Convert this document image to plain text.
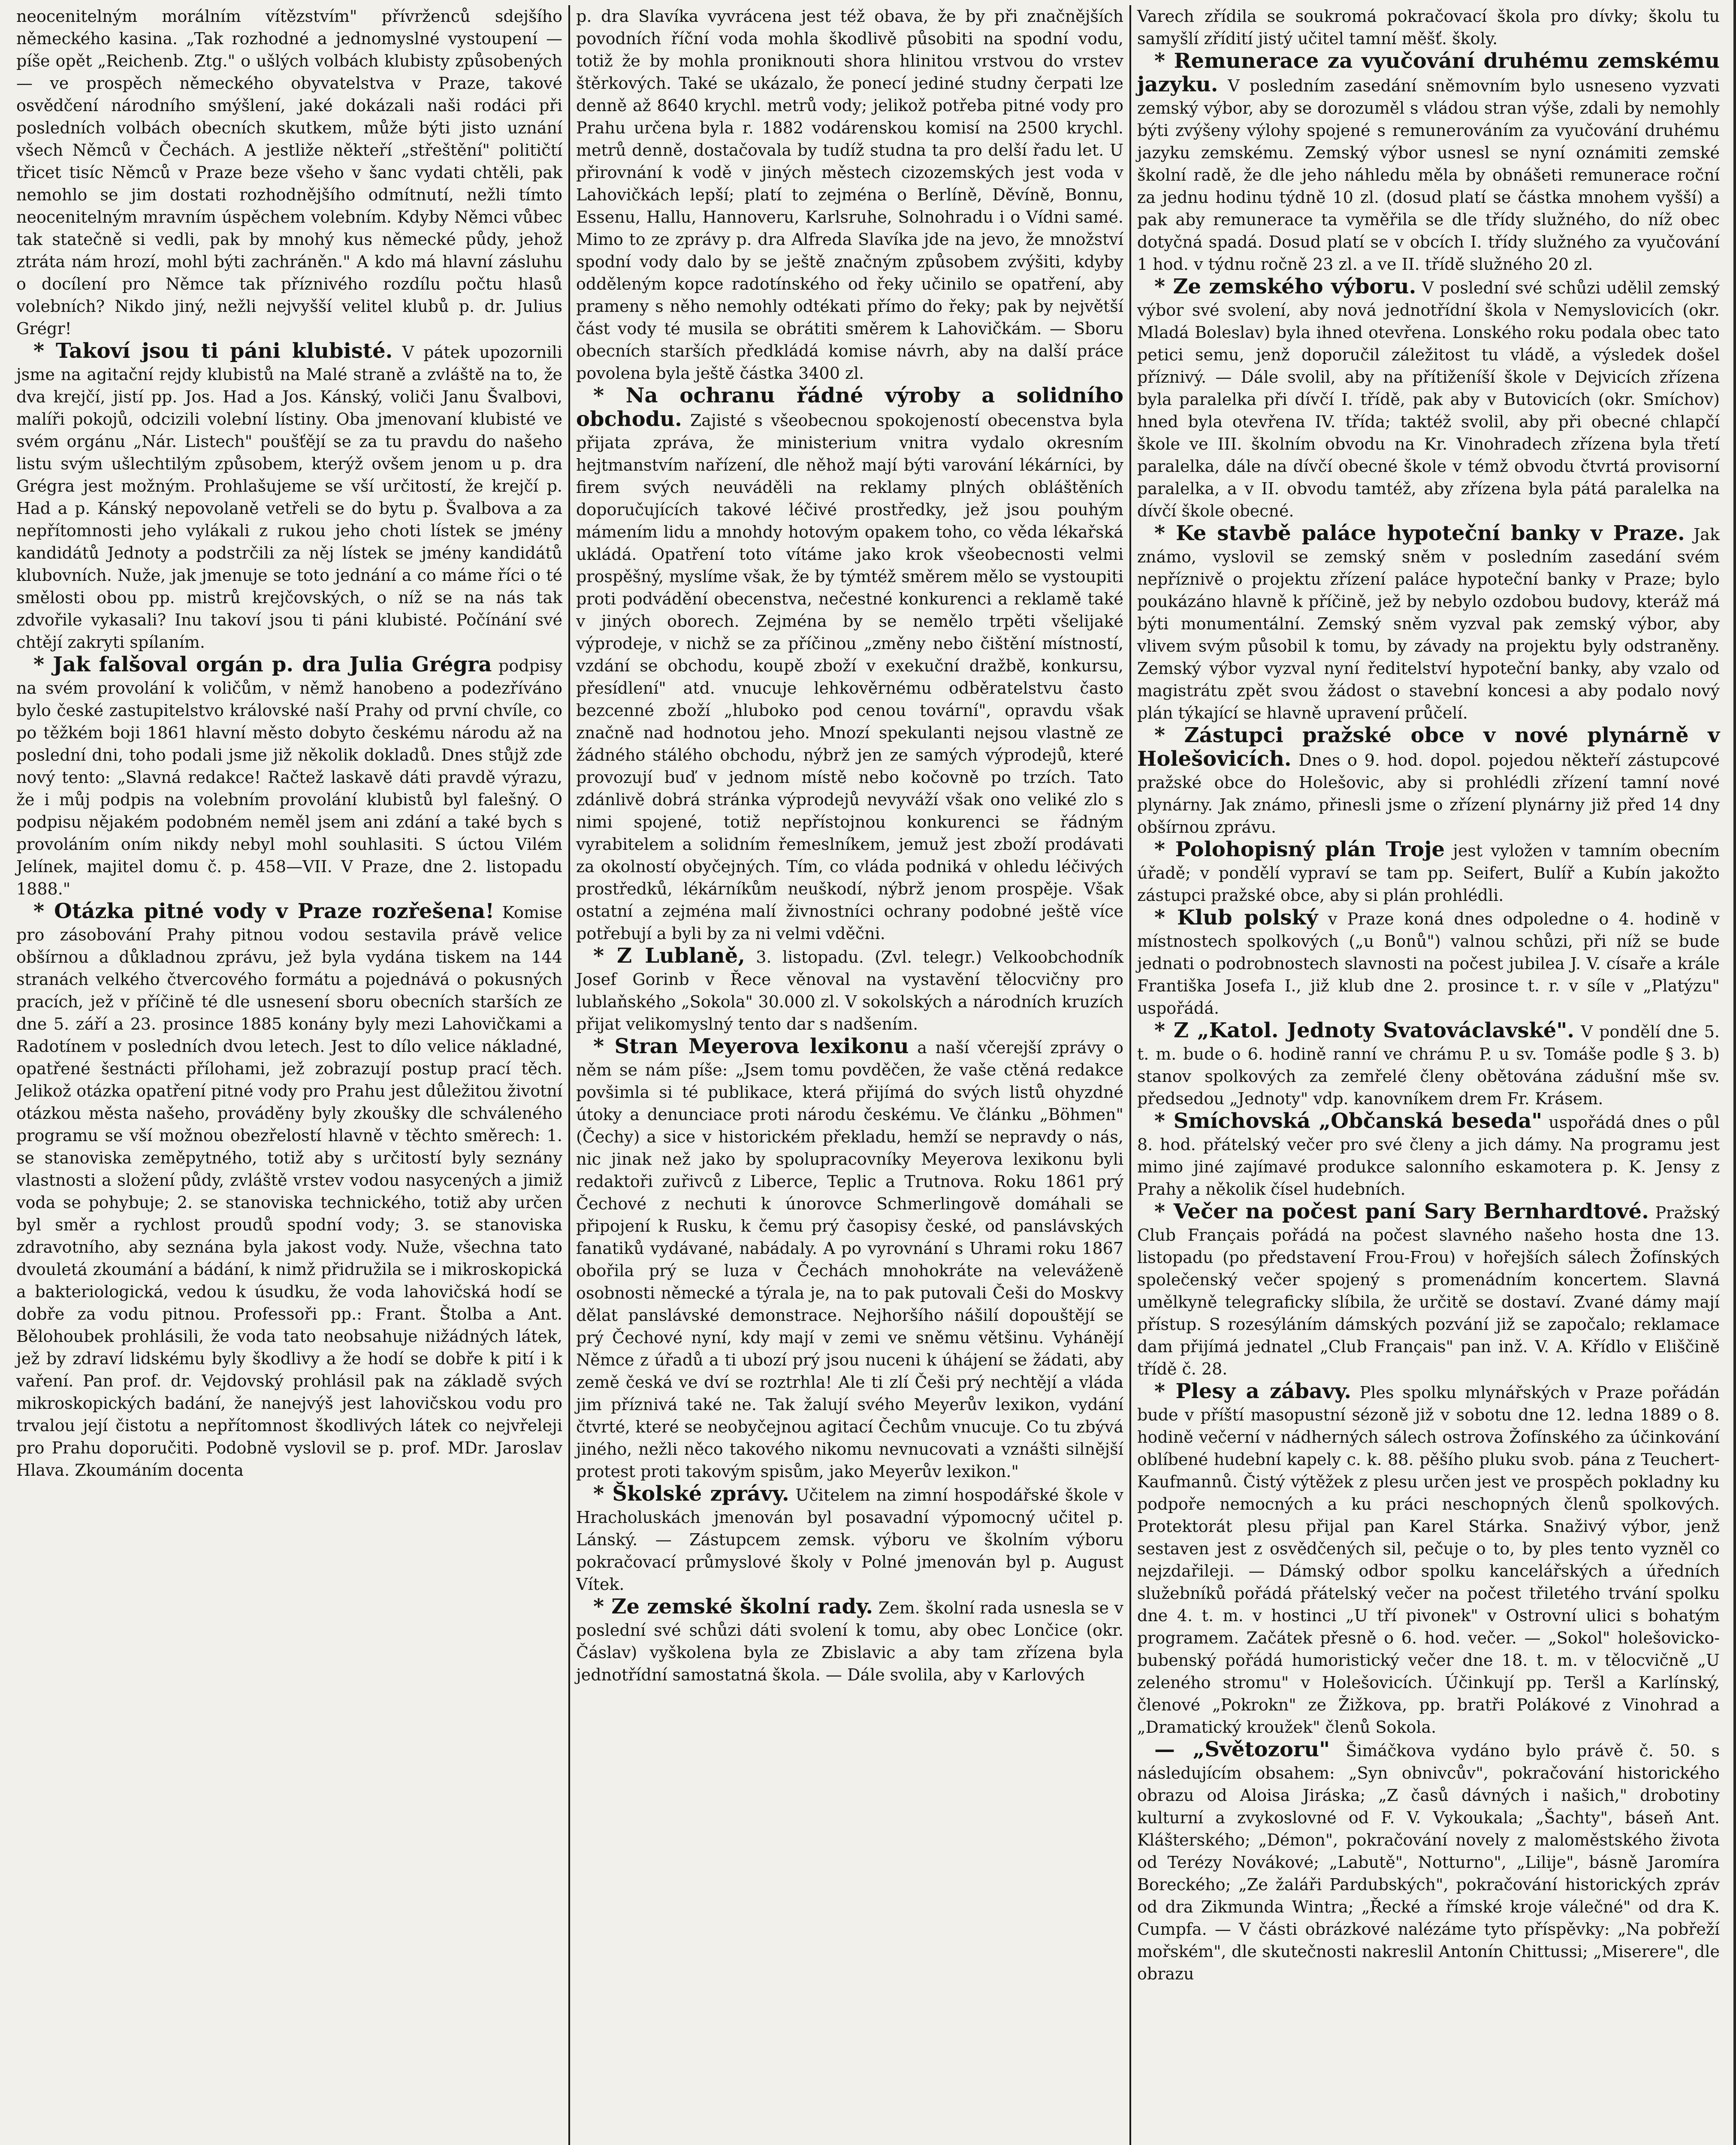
neocenitelným morálním vítězstvím" přívrženců sdejšího německého kasina. „Tak rozhodné a jednomyslné vystoupení — píše opět „Reichenb. Ztg." o ušlých volbách klubisty způsobených — ve prospěch německého obyvatelstva v Praze, takové osvědčení národního smýšlení, jaké dokázali naši rodáci při posledních volbách obecních skutkem, může býti jisto uznání všech Němců v Čechách. A jestliže někteří „střeštění" političtí třicet tisíc Němců v Praze beze všeho v šanc vydati chtěli, pak nemohlo se jim dostati rozhodnějšího odmítnutí, nežli tímto neocenitelným mravním úspěchem volebním. Kdyby Němci vůbec tak statečně si vedli, pak by mnohý kus německé půdy, jehož ztráta nám hrozí, mohl býti zachráněn." A kdo má hlavní zásluhu o docílení pro Němce tak příznivého rozdílu počtu hlasů volebních? Nikdo jiný, nežli nejvyšší velitel klubů p. dr. Julius Grégr!

* Takoví jsou ti páni klubisté. V pátek upozornili jsme na agitační rejdy klubistů na Malé straně a zvláště na to, že dva krejčí, jistí pp. Jos. Had a Jos. Kánský, voliči Janu Švalbovi, malíři pokojů, odcizili volební lístiny. Oba jmenovaní klubisté ve svém orgánu „Nár. Listech" poušťějí se za tu pravdu do našeho listu svým ušlechtilým způsobem, kterýž ovšem jenom u p. dra Grégra jest možným. Prohlašujeme se vší určitostí, že krejčí p. Had a p. Kánský nepovolaně vetřeli se do bytu p. Švalbova a za nepřítomnosti jeho vylákali z rukou jeho choti lístek se jmény kandidátů Jednoty a podstrčili za něj lístek se jmény kandidátů klubovních. Nuže, jak jmenuje se toto jednání a co máme říci o té smělosti obou pp. mistrů krejčovských, o níž se na nás tak zdvořile vykasali? Inu takoví jsou ti páni klubisté. Počínání své chtějí zakryti spílaním.

* Jak falšoval orgán p. dra Julia Grégra podpisy na svém provolání k voličům, v němž hanobeno a podezříváno bylo české zastupitelstvo královské naší Prahy od první chvíle, co po těžkém boji 1861 hlavní město dobyto českému národu až na poslední dni, toho podali jsme již několik dokladů. Dnes stůjž zde nový tento: „Slavná redakce! Račtež laskavě dáti pravdě výrazu, že i můj podpis na volebním provolání klubistů byl falešný. O podpisu nějakém podobném neměl jsem ani zdání a také bych s provoláním oním nikdy nebyl mohl souhlasiti. S úctou Vilém Jelínek, majitel domu č. p. 458—VII. V Praze, dne 2. listopadu 1888."

* Otázka pitné vody v Praze rozřešena! Komise pro zásobování Prahy pitnou vodou sestavila právě velice obšírnou a důkladnou zprávu, jež byla vydána tiskem na 144 stranách velkého čtvercového formátu a pojednává o pokusných pracích, jež v příčině té dle usnesení sboru obecních starších ze dne 5. září a 23. prosince 1885 konány byly mezi Lahovičkami a Radotínem v posledních dvou letech. Jest to dílo velice nákladné, opatřené šestnácti přílohami, jež zobrazují postup prací těch. Jelikož otázka opatření pitné vody pro Prahu jest důležitou životní otázkou města našeho, prováděny byly zkoušky dle schváleného programu se vší možnou obezřelostí hlavně v těchto směrech: 1. se stanoviska zeměpytného, totiž aby s určitostí byly seznány vlastnosti a složení půdy, zvláště vrstev vodou nasycených a jimiž voda se pohybuje; 2. se stanoviska technického, totiž aby určen byl směr a rychlost proudů spodní vody; 3. se stanoviska zdravotního, aby seznána byla jakost vody. Nuže, všechna tato dvouletá zkoumání a bádání, k nimž přidružila se i mikroskopická a bakteriologická, vedou k úsudku, že voda lahovičská hodí se dobře za vodu pitnou. Professoři pp.: Frant. Štolba a Ant. Bělohoubek prohlásili, že voda tato neobsahuje nižádných látek, jež by zdraví lidskému byly škodlivy a že hodí se dobře k pití i k vaření. Pan prof. dr. Vejdovský prohlásil pak na základě svých mikroskopických badání, že nanejvýš jest lahovičskou vodu pro trvalou její čistotu a nepřítomnost škodlivých látek co nejvřeleji pro Prahu doporučiti. Podobně vyslovil se p. prof. MDr. Jaroslav Hlava. Zkoumáním docenta

p. dra Slavíka vyvrácena jest též obava, že by při značnějších povodních říční voda mohla škodlivě působiti na spodní vodu, totiž že by mohla proniknouti shora hlinitou vrstvou do vrstev štěrkových. Také se ukázalo, že ponecí jediné studny čerpati lze denně až 8640 krychl. metrů vody; jelikož potřeba pitné vody pro Prahu určena byla r. 1882 vodárenskou komisí na 2500 krychl. metrů denně, dostačovala by tudíž studna ta pro delší řadu let. U přirovnání k vodě v jiných městech cizozemských jest voda v Lahovičkách lepší; platí to zejména o Berlíně, Děvíně, Bonnu, Essenu, Hallu, Hannoveru, Karlsruhe, Solnohradu i o Vídni samé. Mimo to ze zprávy p. dra Alfreda Slavíka jde na jevo, že množství spodní vody dalo by se ještě značným způsobem zvýšiti, kdyby odděleným kopce radotínského od řeky učinilo se opatření, aby prameny s něho nemohly odtékati přímo do řeky; pak by největší část vody té musila se obrátiti směrem k Lahovičkám. — Sboru obecních starších předkládá komise návrh, aby na další práce povolena byla ještě částka 3400 zl.

* Na ochranu řádné výroby a solidního obchodu. Zajisté s všeobecnou spokojeností obecenstva byla přijata zpráva, že ministerium vnitra vydalo okresním hejtmanstvím nařízení, dle něhož mají býti varování lékárníci, by firem svých neuváděli na reklamy plných obláštěních doporučujících takové léčivé prostředky, jež jsou pouhým mámením lidu a mnohdy hotovým opakem toho, co věda lékařská ukládá. Opatření toto vítáme jako krok všeobecnosti velmi prospěšný, myslíme však, že by týmtéž směrem mělo se vystoupiti proti podvádění obecenstva, nečestné konkurenci a reklamě také v jiných oborech. Zejména by se nemělo trpěti všelijaké výprodeje, v nichž se za příčinou „změny nebo čištění místností, vzdání se obchodu, koupě zboží v exekuční dražbě, konkursu, přesídlení" atd. vnucuje lehkověrnému odběratelstvu často bezcenné zboží „hluboko pod cenou tovární", opravdu však značně nad hodnotou jeho. Mnozí spekulanti nejsou vlastně ze žádného stálého obchodu, nýbrž jen ze samých výprodejů, které provozují buď v jednom místě nebo kočovně po trzích. Tato zdánlivě dobrá stránka výprodejů nevyváží však ono veliké zlo s nimi spojené, totiž nepřístojnou konkurenci se řádným vyrabitelem a solidním řemeslníkem, jemuž jest zboží prodávati za okolností obyčejných. Tím, co vláda podniká v ohledu léčivých prostředků, lékárníkům neuškodí, nýbrž jenom prospěje. Však ostatní a zejména malí živnostníci ochrany podobné ještě více potřebují a byli by za ni velmi vděčni.

* Z Lublaně, 3. listopadu. (Zvl. telegr.) Velkoobchodník Josef Gorinb v Řece věnoval na vystavění tělocvičny pro lublaňského „Sokola" 30.000 zl. V sokolských a národních kruzích přijat velikomyslný tento dar s nadšením.

* Stran Meyerova lexikonu a naší včerejší zprávy o něm se nám píše: „Jsem tomu povděčen, že vaše ctěná redakce povšimla si té publikace, která přijímá do svých listů ohyzdné útoky a denunciace proti národu českému. Ve článku „Böhmen" (Čechy) a sice v historickém překladu, hemží se nepravdy o nás, nic jinak než jako by spolupracovníky Meyerova lexikonu byli redaktoři zuřivců z Liberce, Teplic a Trutnova. Roku 1861 prý Čechové z nechuti k únorovce Schmerlingově domáhali se připojení k Rusku, k čemu prý časopisy české, od panslávských fanatiků vydávané, nabádaly. A po vyrovnání s Uhrami roku 1867 obořila prý se luza v Čechách mnohokráte na veleváženě osobnosti německé a týrala je, na to pak putovali Češi do Moskvy dělat panslávské demonstrace. Nejhoršího nášilí dopouštějí se prý Čechové nyní, kdy mají v zemi ve sněmu většinu. Vyhánějí Němce z úřadů a ti ubozí prý jsou nuceni k úhájení se žádati, aby země česká ve dví se roztrhla! Ale ti zlí Češi prý nechtějí a vláda jim příznivá také ne. Tak žalují svého Meyerův lexikon, vydání čtvrté, které se neobyčejnou agitací Čechům vnucuje. Co tu zbývá jiného, nežli něco takového nikomu nevnucovati a vznášti silnější protest proti takovým spisům, jako Meyerův lexikon."

* Školské zprávy. Učitelem na zimní hospodářské škole v Hracholuskách jmenován byl posavadní výpomocný učitel p. Lánský. — Zástupcem zemsk. výboru ve školním výboru pokračovací průmyslové školy v Polné jmenován byl p. August Vítek.

* Ze zemské školní rady. Zem. školní rada usnesla se v poslední své schůzi dáti svolení k tomu, aby obec Lončice (okr. Čáslav) vyškolena byla ze Zbislavic a aby tam zřízena byla jednotřídní samostatná škola. — Dále svolila, aby v Karlových

Varech zřídila se soukromá pokračovací škola pro dívky; školu tu samyšlí zřídití jistý učitel tamní měšť. školy.

* Remunerace za vyučování druhému zemskému jazyku. V posledním zasedání sněmovním bylo usneseno vyzvati zemský výbor, aby se dorozuměl s vládou stran výše, zdali by nemohly býti zvýšeny výlohy spojené s remunerováním za vyučování druhému jazyku zemskému. Zemský výbor usnesl se nyní oznámiti zemské školní radě, že dle jeho náhledu měla by obnášeti remunerace roční za jednu hodinu týdně 10 zl. (dosud platí se částka mnohem vyšší) a pak aby remunerace ta vyměřila se dle třídy služného, do níž obec dotyčná spadá. Dosud platí se v obcích I. třídy služného za vyučování 1 hod. v týdnu ročně 23 zl. a ve II. třídě služného 20 zl.

* Ze zemského výboru. V poslední své schůzi udělil zemský výbor své svolení, aby nová jednotřídní škola v Nemyslovicích (okr. Mladá Boleslav) byla ihned otevřena. Lonského roku podala obec tato petici semu, jenž doporučil záležitost tu vládě, a výsledek došel příznivý. — Dále svolil, aby na přítiženíší škole v Dejvicích zřízena byla paralelka při dívčí I. třídě, pak aby v Butovicích (okr. Smíchov) hned byla otevřena IV. třída; taktéž svolil, aby při obecné chlapčí škole ve III. školním obvodu na Kr. Vinohradech zřízena byla třetí paralelka, dále na dívčí obecné škole v témž obvodu čtvrtá provisorní paralelka, a v II. obvodu tamtéž, aby zřízena byla pátá paralelka na dívčí škole obecné.

* Ke stavbě paláce hypoteční banky v Praze. Jak známo, vyslovil se zemský sněm v posledním zasedání svém nepříznivě o projektu zřízení paláce hypoteční banky v Praze; bylo poukázáno hlavně k příčině, jež by nebylo ozdobou budovy, kteráž má býti monumentální. Zemský sněm vyzval pak zemský výbor, aby vlivem svým působil k tomu, by závady na projektu byly odstraněny. Zemský výbor vyzval nyní ředitelství hypoteční banky, aby vzalo od magistrátu zpět svou žádost o stavební koncesi a aby podalo nový plán týkající se hlavně upravení průčelí.

* Zástupci pražské obce v nové plynárně v Holešovicích. Dnes o 9. hod. dopol. pojedou někteří zástupcové pražské obce do Holešovic, aby si prohlédli zřízení tamní nové plynárny. Jak známo, přinesli jsme o zřízení plynárny již před 14 dny obšírnou zprávu.

* Polohopisný plán Troje jest vyložen v tamním obecním úřadě; v pondělí vypraví se tam pp. Seifert, Bulíř a Kubín jakožto zástupci pražské obce, aby si plán prohlédli.

* Klub polský v Praze koná dnes odpoledne o 4. hodině v místnostech spolkových („u Bonů") valnou schůzi, při níž se bude jednati o podrobnostech slavnosti na počest jubilea J. V. císaře a krále Františka Josefa I., již klub dne 2. prosince t. r. v síle v „Platýzu" uspořádá.

* Z „Katol. Jednoty Svatováclavské". V pondělí dne 5. t. m. bude o 6. hodině ranní ve chrámu P. u sv. Tomáše podle § 3. b) stanov spolkových za zemřelé členy obětována zádušní mše sv. předsedou „Jednoty" vdp. kanovníkem drem Fr. Krásem.

* Smíchovská „Občanská beseda" uspořádá dnes o půl 8. hod. přátelský večer pro své členy a jich dámy. Na programu jest mimo jiné zajímavé produkce salonního eskamotera p. K. Jensy z Prahy a několik čísel hudebních.

* Večer na počest paní Sary Bernhardtové. Pražský Club Français pořádá na počest slavného našeho hosta dne 13. listopadu (po představení Frou-Frou) v hořejších sálech Žofínských společenský večer spojený s promenádním koncertem. Slavná umělkyně telegraficky slíbila, že určitě se dostaví. Zvané dámy mají přístup. S rozesýláním dámských pozvání již se započalo; reklamace dam přijímá jednatel „Club Français" pan inž. V. A. Křídlo v Eliščině třídě č. 28.

* Plesy a zábavy. Ples spolku mlynářských v Praze pořádán bude v příští masopustní sézoně již v sobotu dne 12. ledna 1889 o 8. hodině večerní v nádherných sálech ostrova Žofínského za účinkování oblíbené hudební kapely c. k. 88. pěšího pluku svob. pána z Teuchert-Kaufmannů. Čistý výtěžek z plesu určen jest ve prospěch pokladny ku podpoře nemocných a ku práci neschopných členů spolkových. Protektorát plesu přijal pan Karel Stárka. Snaživý výbor, jenž sestaven jest z osvědčených sil, pečuje o to, by ples tento vyzněl co nejzdařileji. — Dámský odbor spolku kancelářských a úředních služebníků pořádá přátelský večer na počest třiletého trvání spolku dne 4. t. m. v hostinci „U tří pivonek" v Ostrovní ulici s bohatým programem. Začátek přesně o 6. hod. večer. — „Sokol" holešovicko-bubenský pořádá humoristický večer dne 18. t. m. v tělocvičně „U zeleného stromu" v Holešovicích. Účinkují pp. Teršl a Karlínský, členové „Pokrokn" ze Žižkova, pp. bratři Polákové z Vinohrad a „Dramatický kroužek" členů Sokola.

— „Světozoru" Šimáčkova vydáno bylo právě č. 50. s následujícím obsahem: „Syn obnivcův", pokračování historického obrazu od Aloisa Jiráska; „Z časů dávných i našich," drobotiny kulturní a zvykoslovné od F. V. Vykoukala; „Šachty", báseň Ant. Klášterského; „Démon", pokračování novely z maloměstského života od Terézy Novákové; „Labutě", Notturno", „Lilije", básně Jaromíra Boreckého; „Ze žaláři Pardubských", pokračování historických zpráv od dra Zikmunda Wintra; „Řecké a římské kroje válečné" od dra K. Cumpfa. — V části obrázkové nalézáme tyto příspěvky: „Na pobřeží mořském", dle skutečnosti nakreslil Antonín Chittussi; „Miserere", dle obrazu
